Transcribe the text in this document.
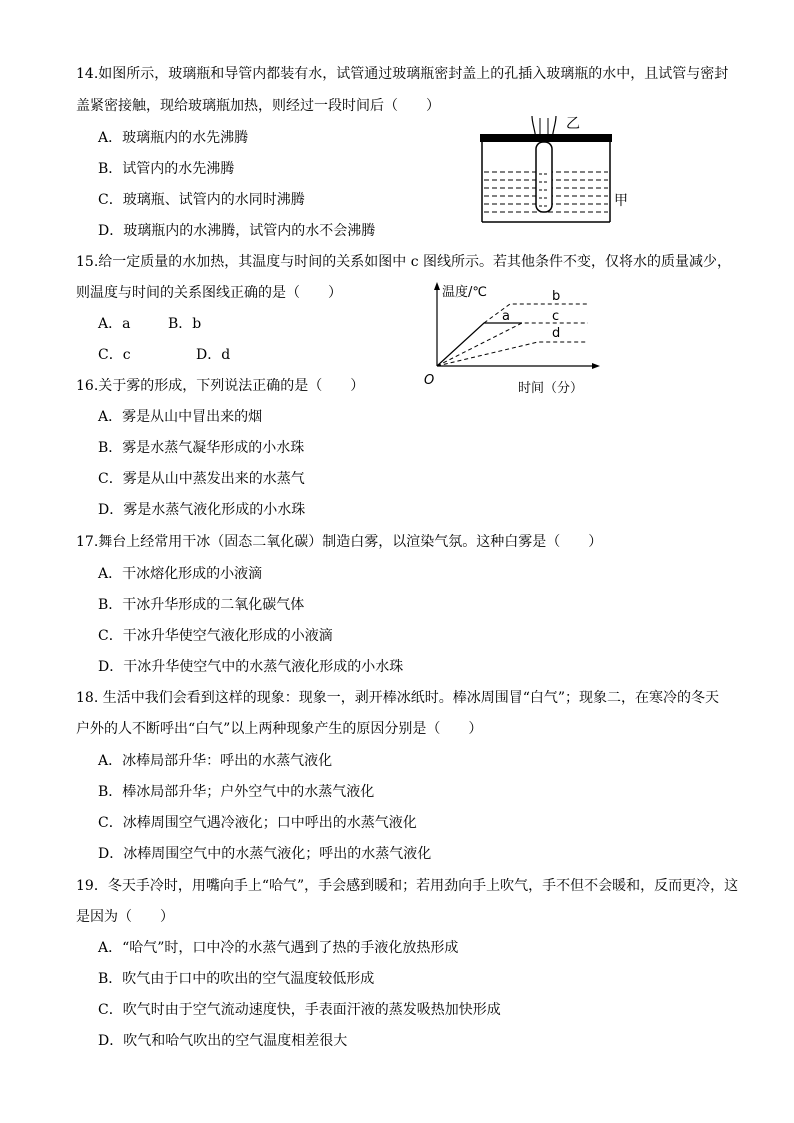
14.如图所示，玻璃瓶和导管内都装有水，试管通过玻璃瓶密封盖上的孔插入玻璃瓶的水中，且试管与密封
盖紧密接触，现给玻璃瓶加热，则经过一段时间后（　　）
A．玻璃瓶内的水先沸腾
B．试管内的水先沸腾
C．玻璃瓶、试管内的水同时沸腾
D．玻璃瓶内的水沸腾，试管内的水不会沸腾
乙
甲
15.给一定质量的水加热，其温度与时间的关系如图中 c 图线所示。若其他条件不变，仅将水的质量减少，
则温度与时间的关系图线正确的是（　　）
A．a	B．b
C．c	D．d
温度/℃
时间（分）
O
a
b
c
d
16.关于雾的形成，下列说法正确的是（　　）
A．雾是从山中冒出来的烟
B．雾是水蒸气凝华形成的小水珠
C．雾是从山中蒸发出来的水蒸气
D．雾是水蒸气液化形成的小水珠
17.舞台上经常用干冰（固态二氧化碳）制造白雾，以渲染气氛。这种白雾是（　　）
A．干冰熔化形成的小液滴
B．干冰升华形成的二氧化碳气体
C．干冰升华使空气液化形成的小液滴
D．干冰升华使空气中的水蒸气液化形成的小水珠
18. 生活中我们会看到这样的现象：现象一，剥开棒冰纸时。棒冰周围冒“白气”；现象二，在寒冷的冬天
户外的人不断呼出“白气”以上两种现象产生的原因分别是（　　）
A．冰棒局部升华：呼出的水蒸气液化
B．棒冰局部升华；户外空气中的水蒸气液化
C．冰棒周围空气遇冷液化；口中呼出的水蒸气液化
D．冰棒周围空气中的水蒸气液化；呼出的水蒸气液化
19．冬天手冷时，用嘴向手上“哈气”，手会感到暖和；若用劲向手上吹气，手不但不会暖和，反而更冷，这
是因为（　　）
A．“哈气”时，口中冷的水蒸气遇到了热的手液化放热形成
B．吹气由于口中的吹出的空气温度较低形成
C．吹气时由于空气流动速度快，手表面汗液的蒸发吸热加快形成
D．吹气和哈气吹出的空气温度相差很大
